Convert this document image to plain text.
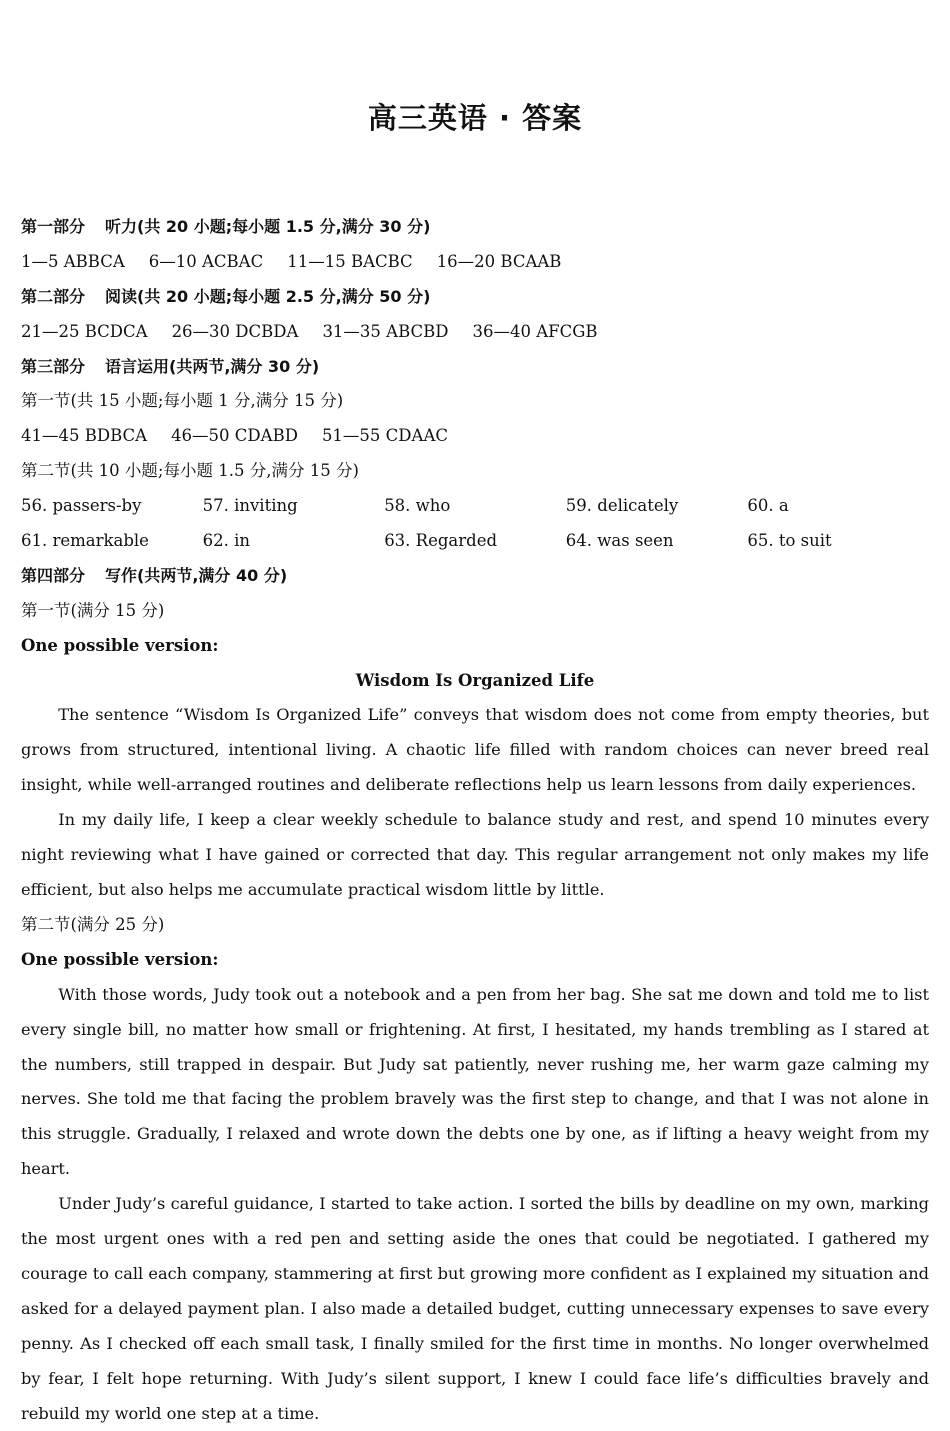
高三英语 · 答案
第一部分 听力(共 20 小题;每小题 1.5 分,满分 30 分)
1—5 ABBCA 6—10 ACBAC 11—15 BACBC 16—20 BCAAB
第二部分 阅读(共 20 小题;每小题 2.5 分,满分 50 分)
21—25 BCDCA 26—30 DCBDA 31—35 ABCBD 36—40 AFCGB
第三部分 语言运用(共两节,满分 30 分)
第一节(共 15 小题;每小题 1 分,满分 15 分)
41—45 BDBCA 46—50 CDABD 51—55 CDAAC
第二节(共 10 小题;每小题 1.5 分,满分 15 分)
56. passers-by	57. inviting	58. who	59. delicately	60. a
61. remarkable	62. in	63. Regarded	64. was seen	65. to suit
第四部分 写作(共两节,满分 40 分)
第一节(满分 15 分)
One possible version:
Wisdom Is Organized Life

The sentence “Wisdom Is Organized Life” conveys that wisdom does not come from empty theories, but grows from structured, intentional living. A chaotic life filled with random choices can never breed real insight, while well-arranged routines and deliberate reflections help us learn lessons from daily experiences.

In my daily life, I keep a clear weekly schedule to balance study and rest, and spend 10 minutes every night reviewing what I have gained or corrected that day. This regular arrangement not only makes my life efficient, but also helps me accumulate practical wisdom little by little.

第二节(满分 25 分)
One possible version:

With those words, Judy took out a notebook and a pen from her bag. She sat me down and told me to list every single bill, no matter how small or frightening. At first, I hesitated, my hands trembling as I stared at the numbers, still trapped in despair. But Judy sat patiently, never rushing me, her warm gaze calming my nerves. She told me that facing the problem bravely was the first step to change, and that I was not alone in this struggle. Gradually, I relaxed and wrote down the debts one by one, as if lifting a heavy weight from my heart.

Under Judy’s careful guidance, I started to take action. I sorted the bills by deadline on my own, marking the most urgent ones with a red pen and setting aside the ones that could be negotiated. I gathered my courage to call each company, stammering at first but growing more confident as I explained my situation and asked for a delayed payment plan. I also made a detailed budget, cutting unnecessary expenses to save every penny. As I checked off each small task, I finally smiled for the first time in months. No longer overwhelmed by fear, I felt hope returning. With Judy’s silent support, I knew I could face life’s difficulties bravely and rebuild my world one step at a time.
